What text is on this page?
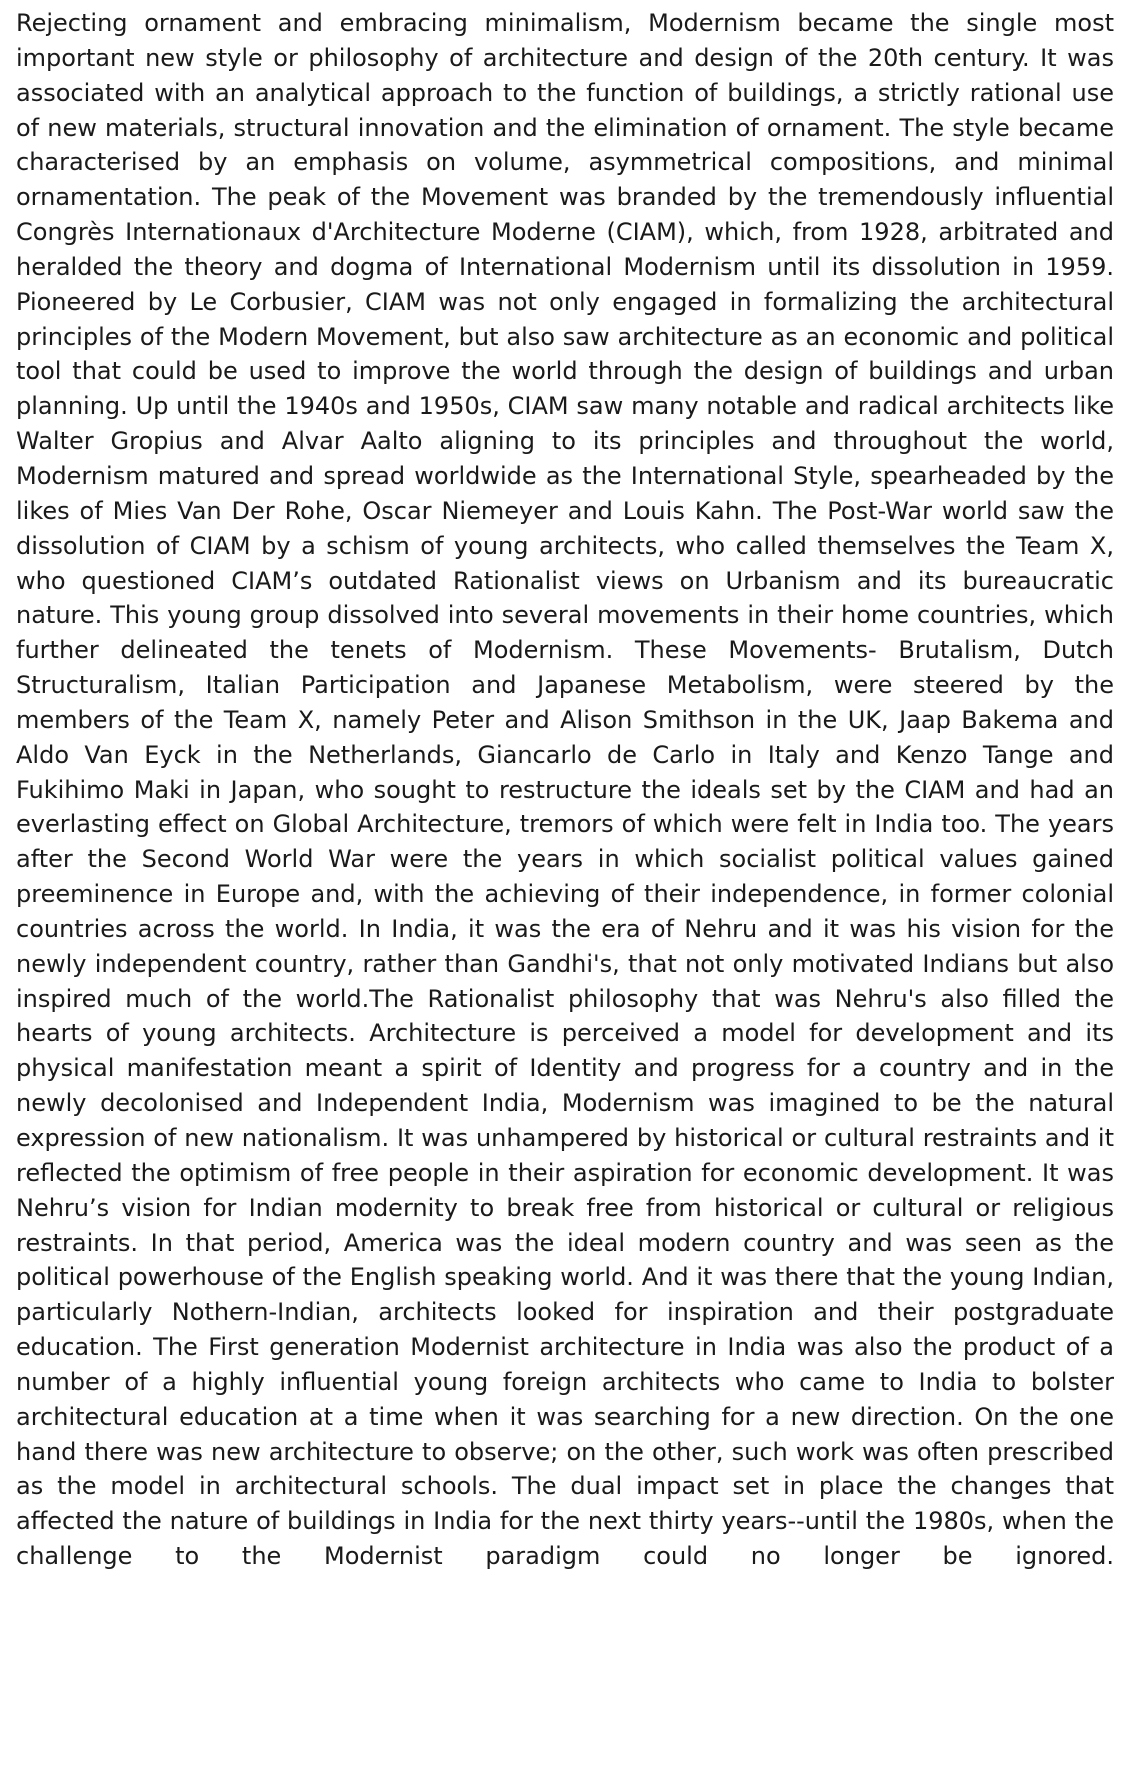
Rejecting ornament and embracing minimalism, Modernism became the single most important new style or philosophy of architecture and design of the 20th century. It was associated with an analytical approach to the function of buildings, a strictly rational use of new materials, structural innovation and the elimination of ornament. The style became characterised by an emphasis on volume, asymmetrical compositions, and minimal ornamentation. The peak of the Movement was branded by the tremendously influential Congrès Internationaux d'Architecture Moderne (CIAM), which, from 1928, arbitrated and heralded the theory and dogma of International Modernism until its dissolution in 1959. Pioneered by Le Corbusier, CIAM was not only engaged in formalizing the architectural principles of the Modern Movement, but also saw architecture as an economic and political tool that could be used to improve the world through the design of buildings and urban planning. Up until the 1940s and 1950s, CIAM saw many notable and radical architects like Walter Gropius and Alvar Aalto aligning to its principles and throughout the world, Modernism matured and spread worldwide as the International Style, spearheaded by the likes of Mies Van Der Rohe, Oscar Niemeyer and Louis Kahn. The Post-War world saw the dissolution of CIAM by a schism of young architects, who called themselves the Team X, who questioned CIAM’s outdated Rationalist views on Urbanism and its bureaucratic nature. This young group dissolved into several movements in their home countries, which further delineated the tenets of Modernism. These Movements- Brutalism, Dutch Structuralism, Italian Participation and Japanese Metabolism, were steered by the members of the Team X, namely Peter and Alison Smithson in the UK, Jaap Bakema and Aldo Van Eyck in the Netherlands, Giancarlo de Carlo in Italy and Kenzo Tange and Fukihimo Maki in Japan, who sought to restructure the ideals set by the CIAM and had an everlasting effect on Global Architecture, tremors of which were felt in India too. The years after the Second World War were the years in which socialist political values gained preeminence in Europe and, with the achieving of their independence, in former colonial countries across the world. In India, it was the era of Nehru and it was his vision for the newly independent country, rather than Gandhi's, that not only motivated Indians but also inspired much of the world.The Rationalist philosophy that was Nehru's also filled the hearts of young architects. Architecture is perceived a model for development and its physical manifestation meant a spirit of Identity and progress for a country and in the newly decolonised and Independent India, Modernism was imagined to be the natural expression of new nationalism. It was unhampered by historical or cultural restraints and it reflected the optimism of free people in their aspiration for economic development. It was Nehru’s vision for Indian modernity to break free from historical or cultural or religious restraints. In that period, America was the ideal modern country and was seen as the political powerhouse of the English speaking world. And it was there that the young Indian, particularly Nothern-Indian, architects looked for inspiration and their postgraduate education. The First generation Modernist architecture in India was also the product of a number of a highly influential young foreign architects who came to India to bolster architectural education at a time when it was searching for a new direction. On the one hand there was new architecture to observe; on the other, such work was often prescribed as the model in architectural schools. The dual impact set in place the changes that affected the nature of buildings in India for the next thirty years--until the 1980s, when the challenge to the Modernist paradigm could no longer be ignored.
